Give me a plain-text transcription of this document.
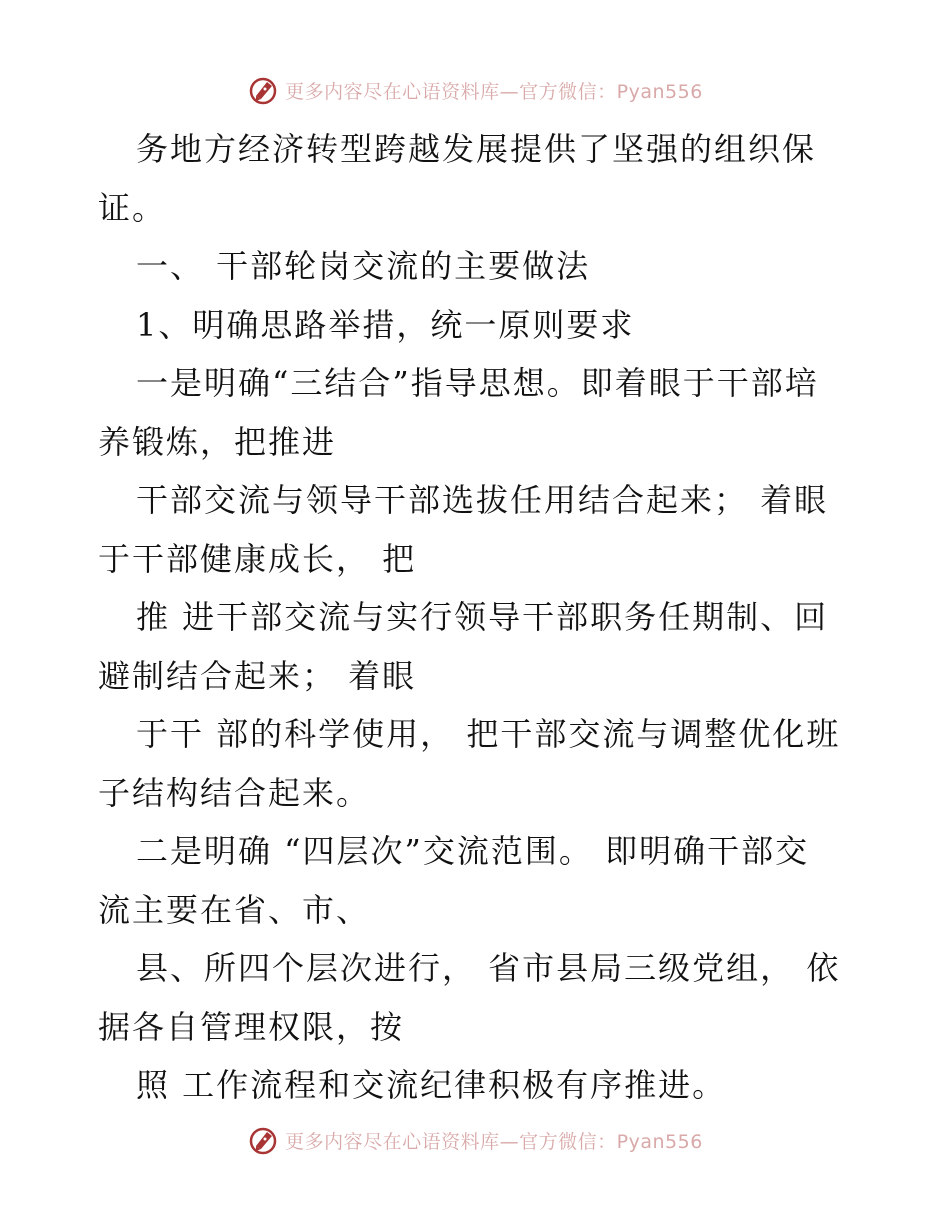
更多内容尽在心语资料库—官方微信：Pyan556
务地方经济转型跨越发展提供了坚强的组织保
证。
一、 干部轮岗交流的主要做法
1、明确思路举措，统一原则要求
一是明确“三结合”指导思想。即着眼于干部培
养锻炼，把推进
干部交流与领导干部选拔任用结合起来； 着眼
于干部健康成长， 把
推 进干部交流与实行领导干部职务任期制、回
避制结合起来； 着眼
于干 部的科学使用， 把干部交流与调整优化班
子结构结合起来。
二是明确 “四层次”交流范围。 即明确干部交
流主要在省、市、
县、所四个层次进行， 省市县局三级党组， 依
据各自管理权限，按
照 工作流程和交流纪律积极有序推进。
更多内容尽在心语资料库—官方微信：Pyan556
